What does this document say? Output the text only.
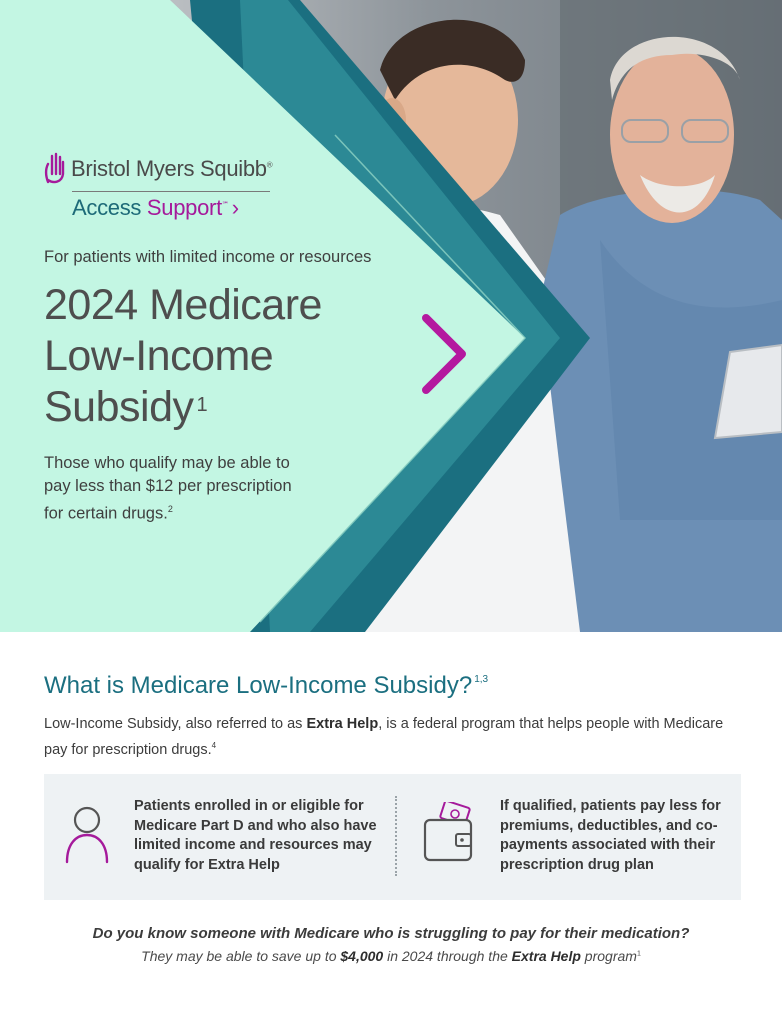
Bristol Myers Squibb®
Access Support℠ ›
For patients with limited income or resources
2024 Medicare
Low-Income
Subsidy $^1$

Those who qualify may be able to pay less than $12 per prescription for certain drugs.$^2$

What is Medicare Low-Income Subsidy? $^{1,3}$

Low-Income Subsidy, also referred to as Extra Help, is a federal program that helps people with Medicare pay for prescription drugs.$^4$

Patients enrolled in or eligible for Medicare Part D and who also have limited income and resources may qualify for Extra Help
If qualified, patients pay less for premiums, deductibles, and co-payments associated with their prescription drug plan

Do you know someone with Medicare who is struggling to pay for their medication?

They may be able to save up to $4,000 in 2024 through the Extra Help program$^1$
